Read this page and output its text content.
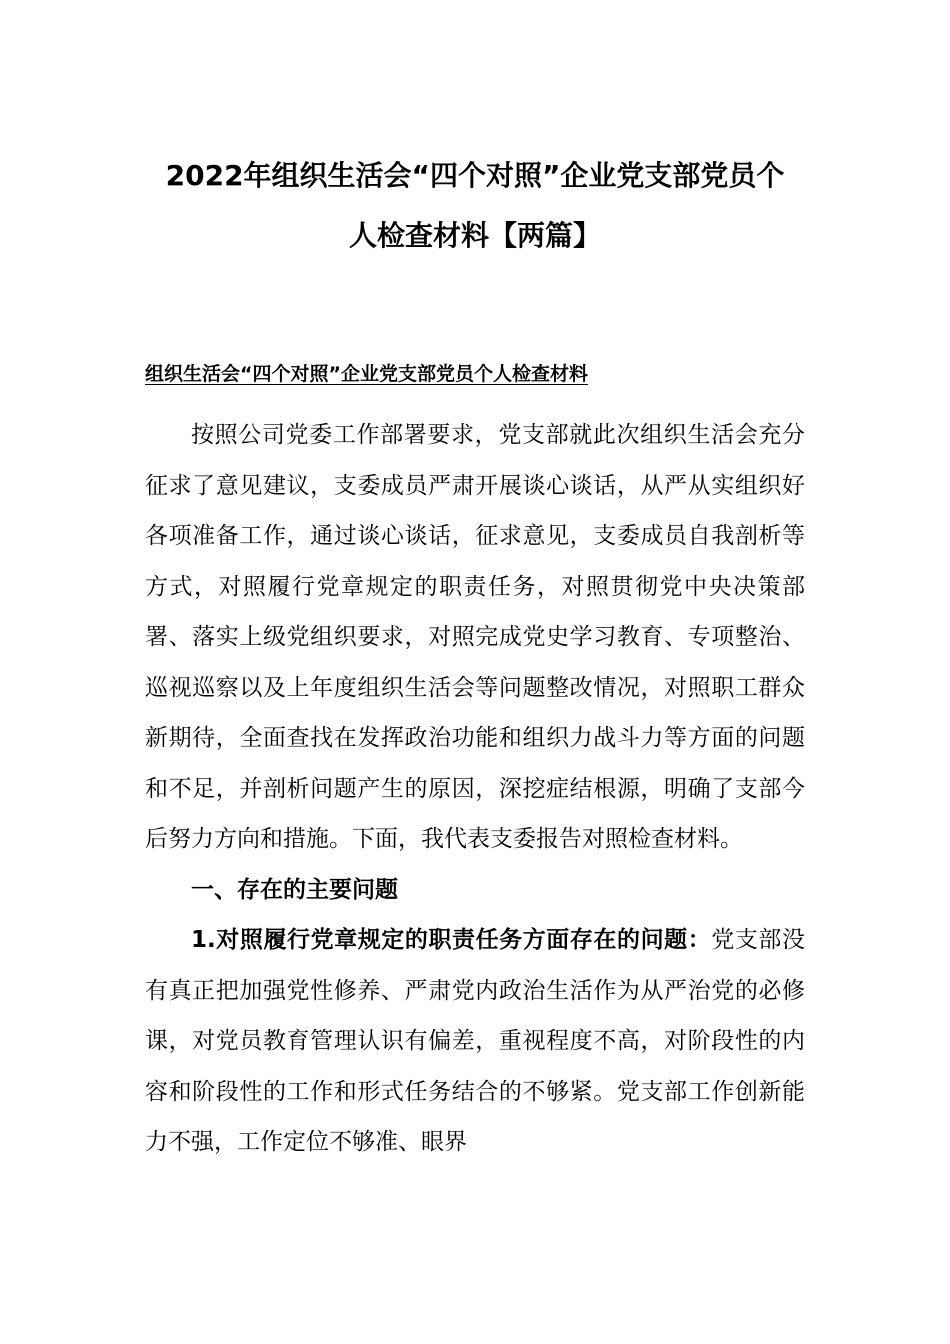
2022年组织生活会“四个对照”企业党支部党员个
人检查材料【两篇】
组织生活会“四个对照”企业党支部党员个人检查材料

按照公司党委工作部署要求，党支部就此次组织生活会充分征求了意见建议，支委成员严肃开展谈心谈话，从严从实组织好各项准备工作，通过谈心谈话，征求意见，支委成员自我剖析等方式，对照履行党章规定的职责任务，对照贯彻党中央决策部署、落实上级党组织要求，对照完成党史学习教育、专项整治、巡视巡察以及上年度组织生活会等问题整改情况，对照职工群众新期待，全面查找在发挥政治功能和组织力战斗力等方面的问题和不足，并剖析问题产生的原因，深挖症结根源，明确了支部今后努力方向和措施。下面，我代表支委报告对照检查材料。

一、存在的主要问题

1.对照履行党章规定的职责任务方面存在的问题：党支部没有真正把加强党性修养、严肃党内政治生活作为从严治党的必修课，对党员教育管理认识有偏差，重视程度不高，对阶段性的内容和阶段性的工作和形式任务结合的不够紧。党支部工作创新能力不强，工作定位不够准、眼界
